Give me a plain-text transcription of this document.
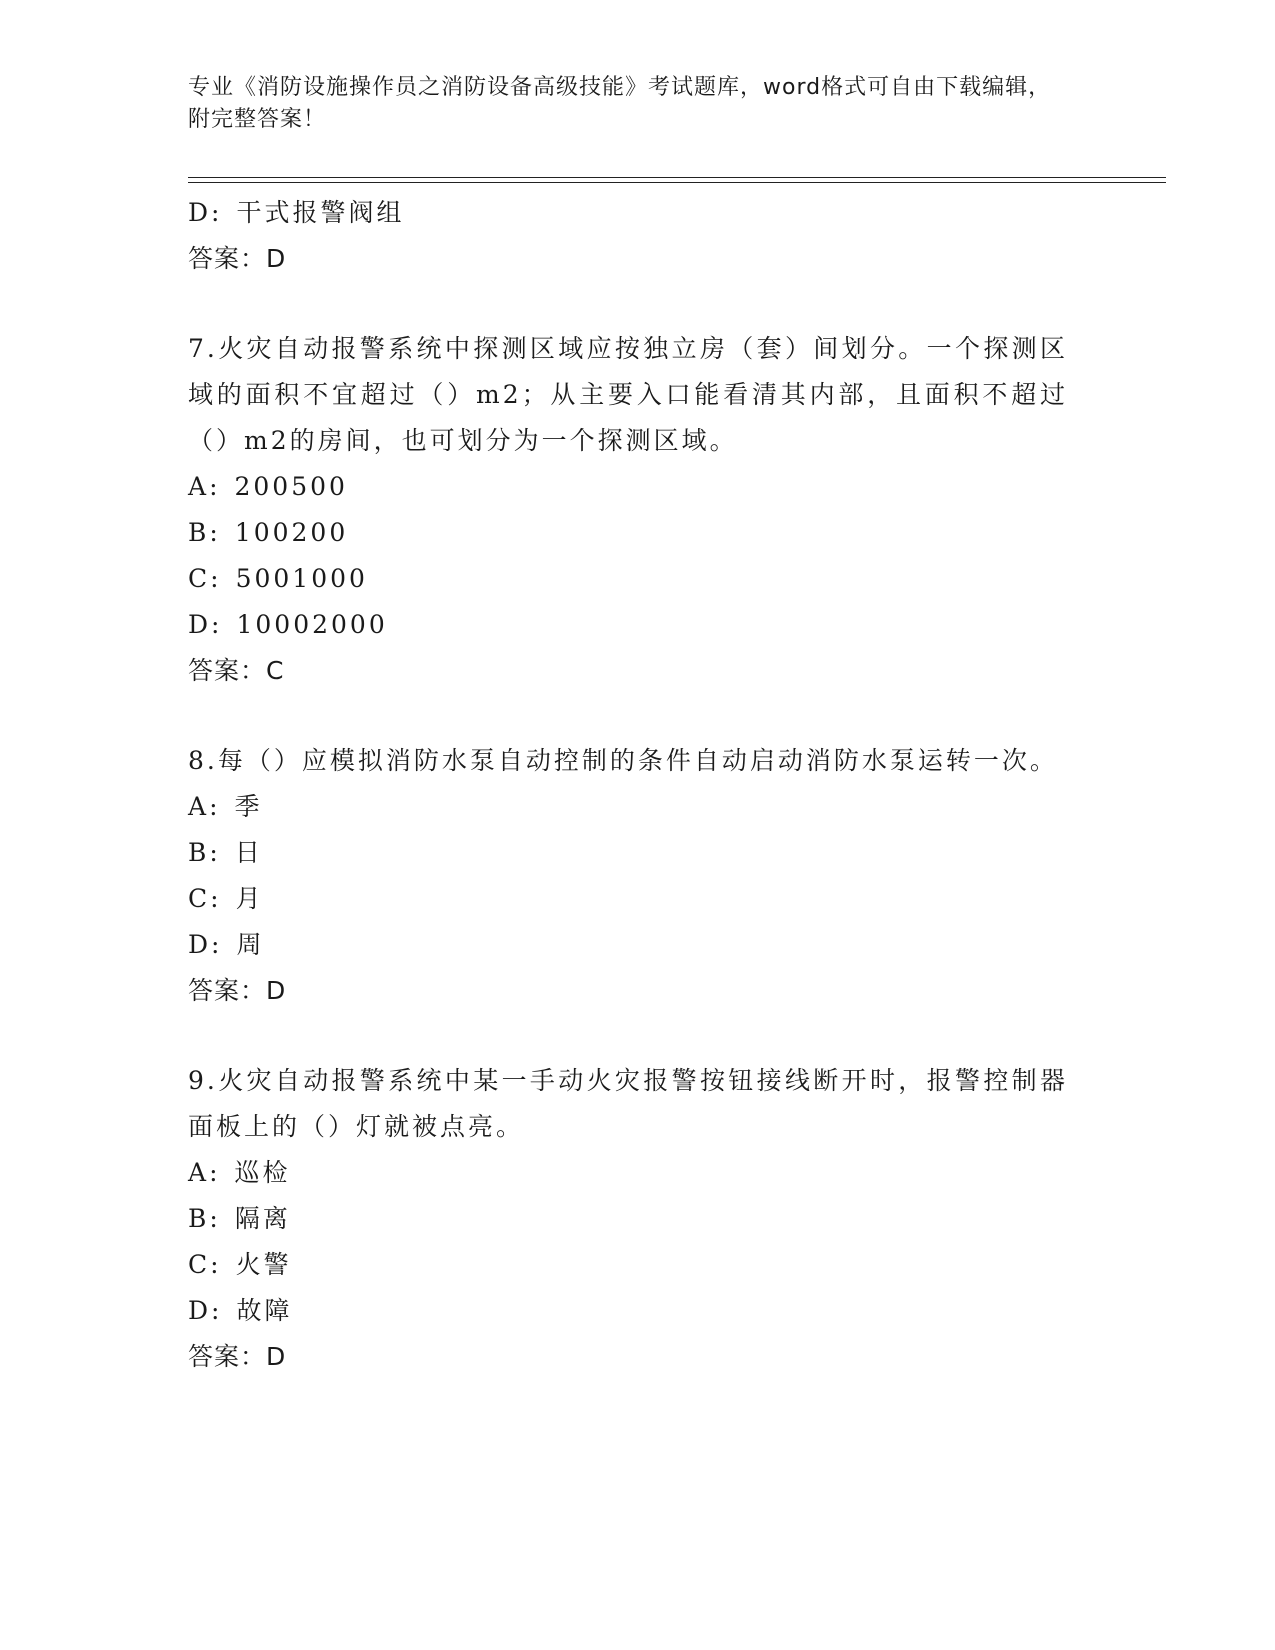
专业《消防设施操作员之消防设备高级技能》考试题库，word格式可自由下载编辑，附完整答案！
D: 干式报警阀组
答案：D
7.火灾自动报警系统中探测区域应按独立房（套）间划分。一个探测区域的面积不宜超过（）m2；从主要入口能看清其内部，且面积不超过（）m2的房间，也可划分为一个探测区域。
A: 200500
B: 100200
C: 5001000
D: 10002000
答案：C
8.每（）应模拟消防水泵自动控制的条件自动启动消防水泵运转一次。
A: 季
B: 日
C: 月
D: 周
答案：D
9.火灾自动报警系统中某一手动火灾报警按钮接线断开时，报警控制器面板上的（）灯就被点亮。
A: 巡检
B: 隔离
C: 火警
D: 故障
答案：D
